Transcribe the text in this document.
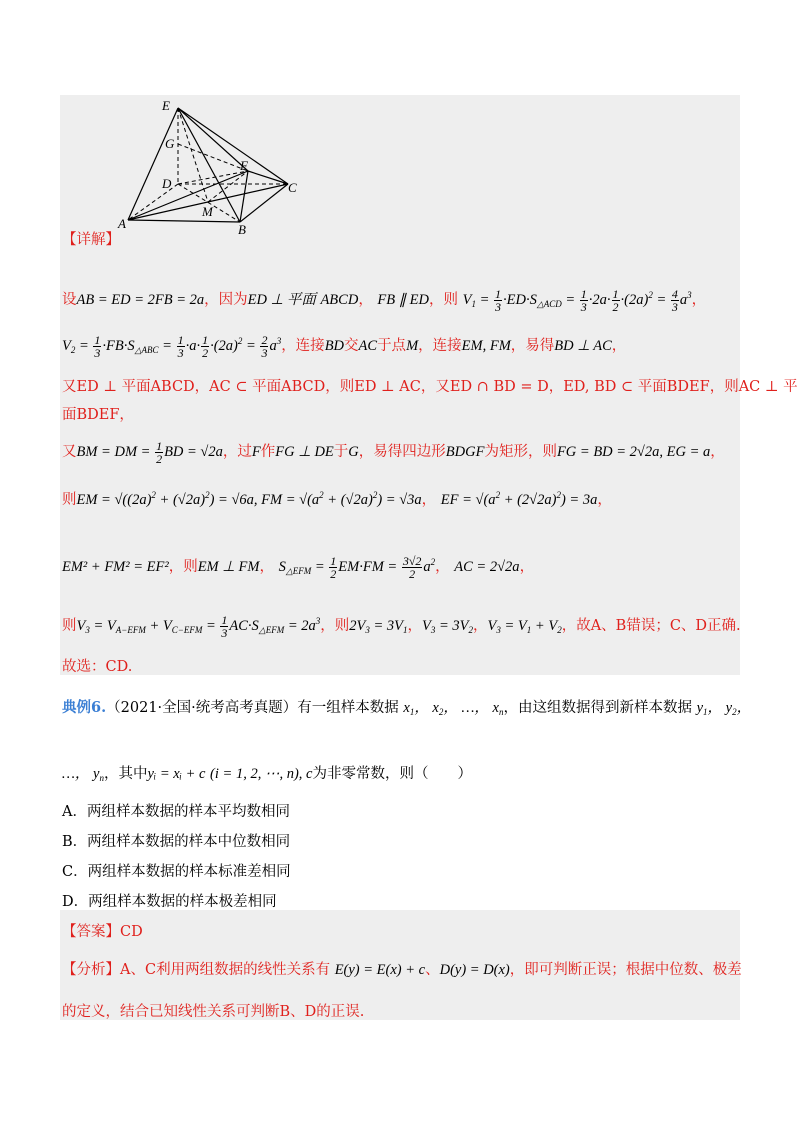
E
G
F
D	C
M
A	B
【详解】
设AB = ED = 2FB = 2a，因为ED ⊥ 平面 ABCD， FB ∥ ED，则 $V_1 = \frac{1}{3} \cdot ED\cdot S_{\triangle ACD} = \frac{1}{3} \cdot 2a\cdot \frac{1}{2} \cdot(2a)^2 = \frac{4}{3} a^3$，
$V_2 = \frac{1}{3} \cdot FB\cdot S_{\triangle ABC} = \frac{1}{3} \cdot a\cdot \frac{1}{2} \cdot(2a)^2 = \frac{2}{3} a^3$，连接BD交AC于点M，连接EM, FM，易得BD ⊥ AC，
又ED ⊥ 平面ABCD，AC ⊂ 平面ABCD，则ED ⊥ AC，又ED ∩ BD = D，ED, BD ⊂ 平面BDEF，则AC ⊥ 平
面BDEF，
又BM = DM = $\frac{1}{2}$ BD = √2a，过F作FG ⊥ DE于G，易得四边形BDGF为矩形，则FG = BD = 2√2a, EG = a，
则EM = $√((2a)^2 + (√2a)^2) = √6a$, FM = $√(a^2 + (√2a)^2) = √3a$， EF = $√(a^2 + (2√2a)^2) = 3a$，
EM² + FM² = EF²，则EM ⊥ FM， $S_{\triangle EFM} = \frac{1}{2} EM\cdot FM = \frac{3√2}{2} a^2$， AC = 2√2a，
则$V_3 = V_{A-EFM} + V_{C-EFM} = \frac{1}{3} AC\cdot S_{\triangle EFM} = 2a^3$，则$2V_3 = 3V_1$，$V_3 = 3V_2$，$V_3 = V_1 + V_2$，故A、B错误；C、D正确.
故选：CD.
典例6.（2021·全国·统考高考真题）有一组样本数据 $x_1$， $x_2$， …， $x_n$，由这组数据得到新样本数据 $y_1$， $y_2$，
…， $y_n$，其中yᵢ = xᵢ + c (i = 1, 2, ⋯, n), c为非零常数，则（　　）
A．两组样本数据的样本平均数相同
B．两组样本数据的样本中位数相同
C．两组样本数据的样本标准差相同
D．两组样本数据的样本极差相同
【答案】CD
【分析】A、C利用两组数据的线性关系有 E(y) = E(x) + c、D(y) = D(x)，即可判断正误；根据中位数、极差
的定义，结合已知线性关系可判断B、D的正误.
